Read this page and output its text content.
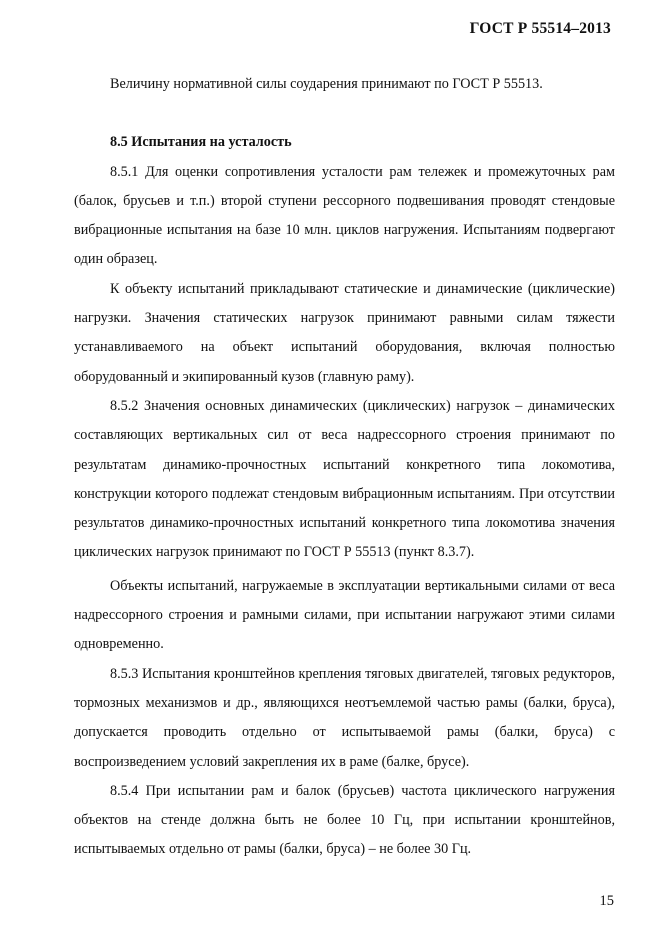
ГОСТ Р 55514–2013

Величину нормативной силы соударения принимают по ГОСТ Р 55513.

8.5 Испытания на усталость

8.5.1 Для оценки сопротивления усталости рам тележек и промежуточных рам (балок, брусьев и т.п.) второй ступени рессорного подвешивания проводят стендовые вибрационные испытания на базе 10 млн. циклов нагружения. Испытаниям подвергают один образец.

К объекту испытаний прикладывают статические и динамические (циклические) нагрузки. Значения статических нагрузок принимают равными силам тяжести устанавливаемого на объект испытаний оборудования, включая полностью оборудованный и экипированный кузов (главную раму).

8.5.2 Значения основных динамических (циклических) нагрузок – динамических составляющих вертикальных сил от веса надрессорного строения принимают по результатам динамико-прочностных испытаний конкретного типа локомотива, конструкции которого подлежат стендовым вибрационным испытаниям. При отсутствии результатов динамико-прочностных испытаний конкретного типа локомотива значения циклических нагрузок принимают по ГОСТ Р 55513 (пункт 8.3.7).

Объекты испытаний, нагружаемые в эксплуатации вертикальными силами от веса надрессорного строения и рамными силами, при испытании нагружают этими силами одновременно.

8.5.3 Испытания кронштейнов крепления тяговых двигателей, тяговых редукторов, тормозных механизмов и др., являющихся неотъемлемой частью рамы (балки, бруса), допускается проводить отдельно от испытываемой рамы (балки, бруса) с воспроизведением условий закрепления их в раме (балке, брусе).

8.5.4 При испытании рам и балок (брусьев) частота циклического нагружения объектов на стенде должна быть не более 10 Гц, при испытании кронштейнов, испытываемых отдельно от рамы (балки, бруса) – не более 30 Гц.

15
